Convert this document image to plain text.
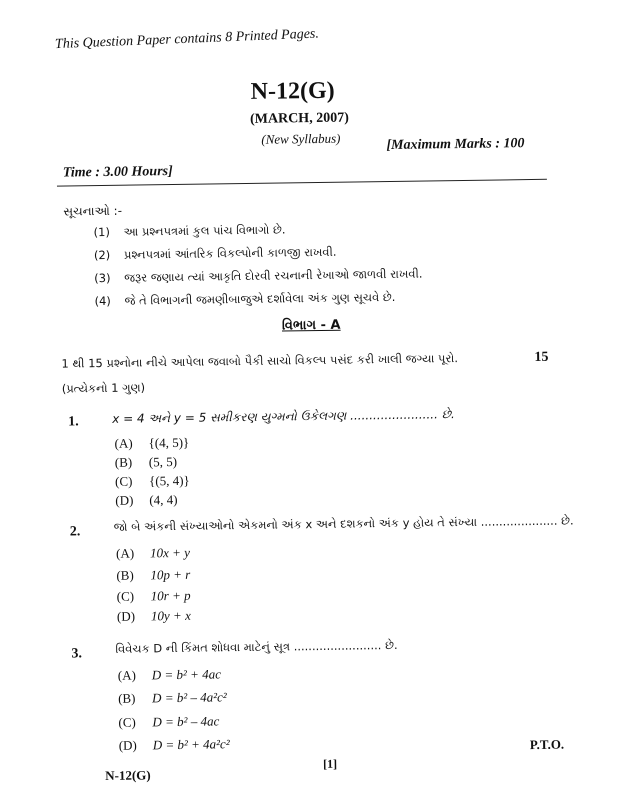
This Question Paper contains 8 Printed Pages.
N-12(G)
(MARCH, 2007)
(New Syllabus)	[Maximum Marks : 100
Time : 3.00 Hours]
સૂચનાઓ :-
(1) આ પ્રશ્નપત્રમાં કુલ પાંચ વિભાગો છે.
(2) પ્રશ્નપત્રમાં આંતરિક વિકલ્પોની કાળજી રાખવી.
(3) જરૂર જણાય ત્યાં આકૃતિ દોરવી રચનાની રેખાઓ જાળવી રાખવી.
(4) જે તે વિભાગની જમણીબાજુએ દર્શાવેલા અંક ગુણ સૂચવે છે.
વિભાગ - A
1 થી 15 પ્રશ્નોના નીચે આપેલા જવાબો પૈકી સાચો વિકલ્પ પસંદ કરી ખાલી જગ્યા પૂરો.	15
(પ્રત્યેકનો 1 ગુણ)
1.	x = 4 અને y = 5 સમીકરણ યુગ્મનો ઉકેલગણ ....................... છે.
(A) {(4, 5)}
(B) (5, 5)
(C) {(5, 4)}
(D) (4, 4)
2.	જો બે અંકની સંખ્યાઓનો એકમનો અંક x અને દશકનો અંક y હોય તે સંખ્યા ..................... છે.
(A) 10x + y
(B) 10p + r
(C) 10r + p
(D) 10y + x
3.	વિવેચક D ની કિંમત શોધવા માટેનું સૂત્ર ........................ છે.
(A) D = b² + 4ac
(B) D = b² – 4a²c²
(C) D = b² – 4ac
(D) D = b² + 4a²c²	P.T.O.
N-12(G)
[1]
